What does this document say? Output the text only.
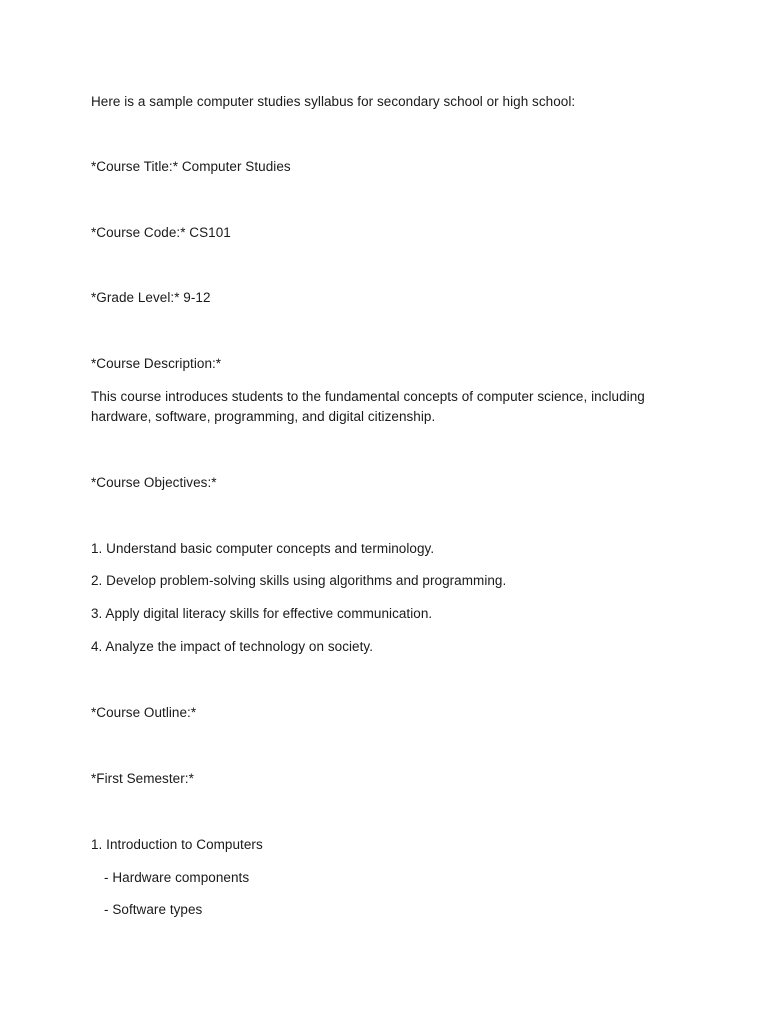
Here is a sample computer studies syllabus for secondary school or high school:
*Course Title:* Computer Studies
*Course Code:* CS101
*Grade Level:* 9-12
*Course Description:*
This course introduces students to the fundamental concepts of computer science, including
hardware, software, programming, and digital citizenship.
*Course Objectives:*
1. Understand basic computer concepts and terminology.
2. Develop problem-solving skills using algorithms and programming.
3. Apply digital literacy skills for effective communication.
4. Analyze the impact of technology on society.
*Course Outline:*
*First Semester:*
1. Introduction to Computers
- Hardware components
- Software types
